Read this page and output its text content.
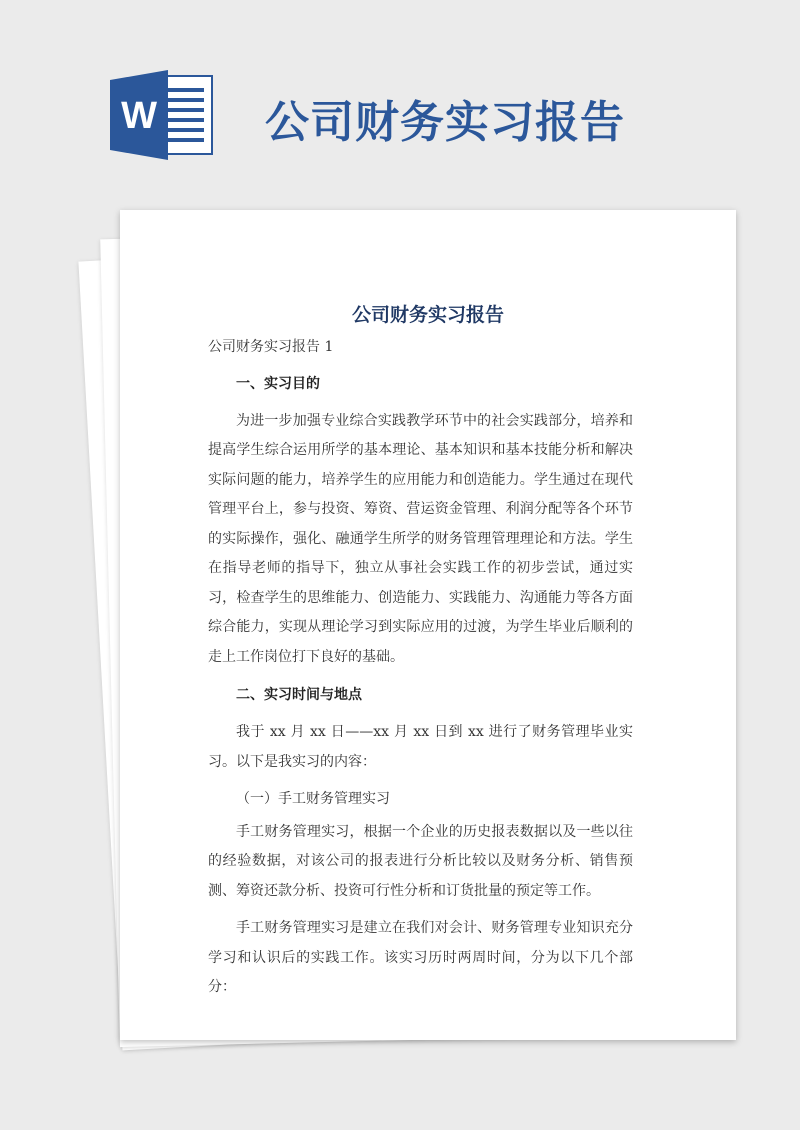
W 公司财务实习报告
公司财务实习报告

公司财务实习报告 1

一、实习目的

为进一步加强专业综合实践教学环节中的社会实践部分，培养和提高学生综合运用所学的基本理论、基本知识和基本技能分析和解决实际问题的能力，培养学生的应用能力和创造能力。学生通过在现代管理平台上，参与投资、筹资、营运资金管理、利润分配等各个环节的实际操作，强化、融通学生所学的财务管理管理理论和方法。学生在指导老师的指导下，独立从事社会实践工作的初步尝试，通过实习，检查学生的思维能力、创造能力、实践能力、沟通能力等各方面综合能力，实现从理论学习到实际应用的过渡，为学生毕业后顺利的走上工作岗位打下良好的基础。

二、实习时间与地点

我于 xx 月 xx 日——xx 月 xx 日到 xx 进行了财务管理毕业实习。以下是我实习的内容：

（一）手工财务管理实习

手工财务管理实习，根据一个企业的历史报表数据以及一些以往的经验数据，对该公司的报表进行分析比较以及财务分析、销售预测、筹资还款分析、投资可行性分析和订货批量的预定等工作。

手工财务管理实习是建立在我们对会计、财务管理专业知识充分学习和认识后的实践工作。该实习历时两周时间，分为以下几个部分：
